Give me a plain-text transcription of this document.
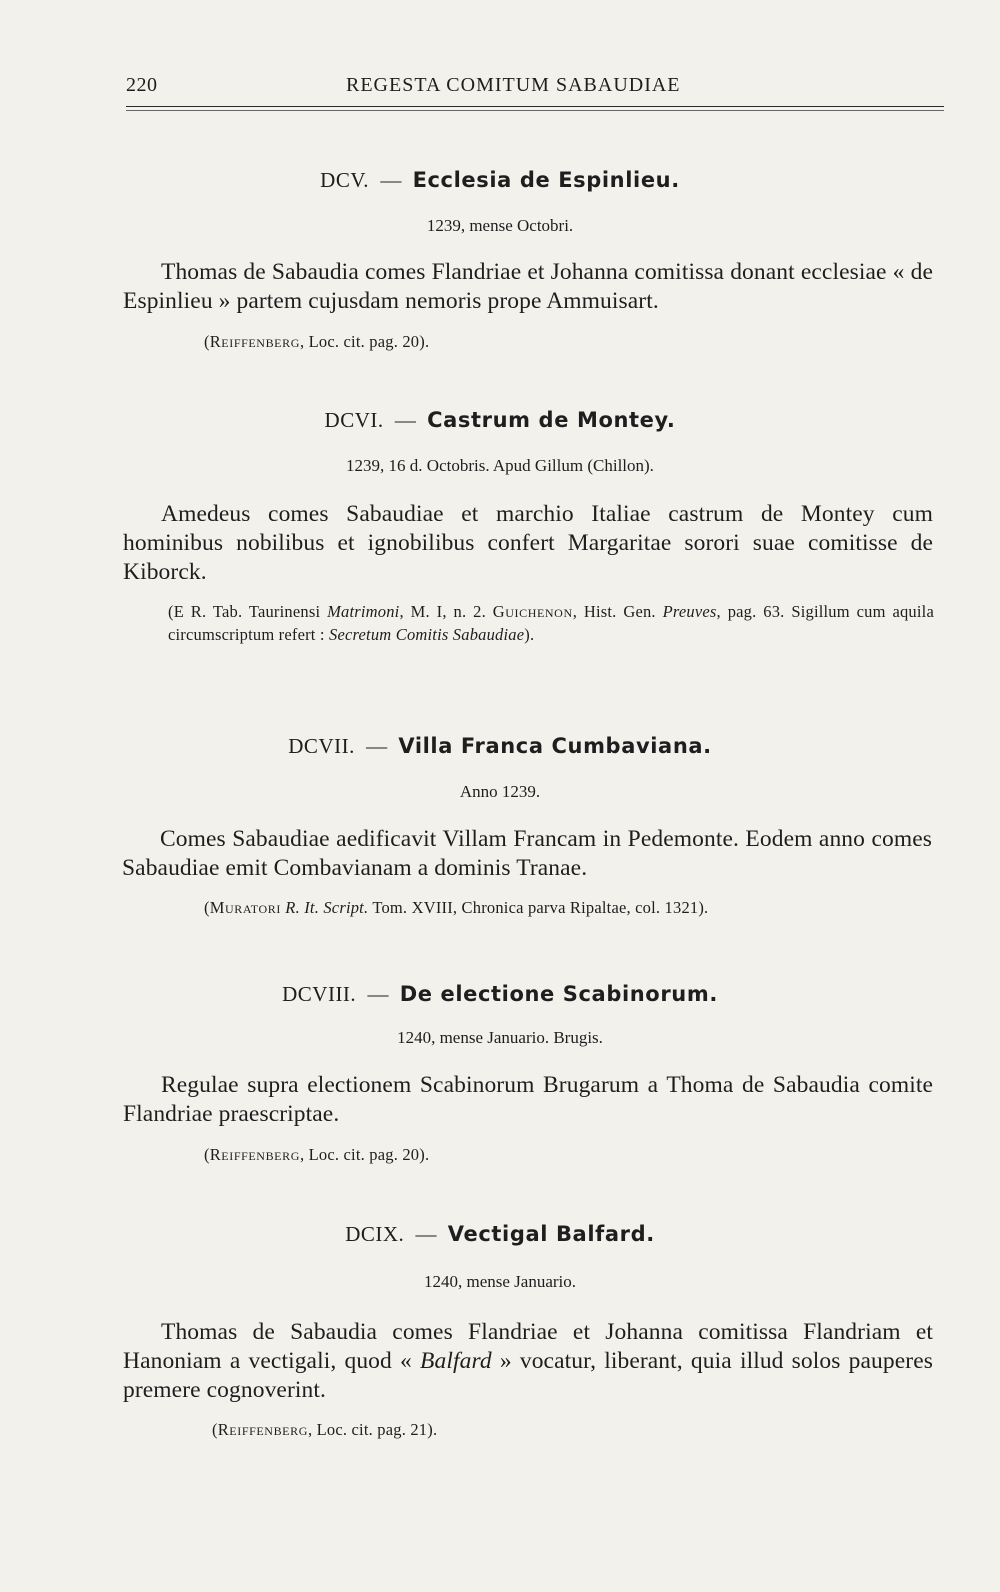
220	REGESTA COMITUM SABAUDIAE
DCV. — Ecclesia de Espinlieu.
1239, mense Octobri.
Thomas de Sabaudia comes Flandriae et Johanna comitissa donant ecclesiae « de Espinlieu » partem cujusdam nemoris prope Ammuisart.
(Reiffenberg, Loc. cit. pag. 20).
DCVI. — Castrum de Montey.
1239, 16 d. Octobris. Apud Gillum (Chillon).
Amedeus comes Sabaudiae et marchio Italiae castrum de Montey cum hominibus nobilibus et ignobilibus confert Margaritae sorori suae comitisse de Kiborck.
(E R. Tab. Taurinensi Matrimoni, M. I, n. 2. Guichenon, Hist. Gen. Preuves, pag. 63. Sigillum cum aquila circumscriptum refert : Secretum Comitis Sabaudiae).
DCVII. — Villa Franca Cumbaviana.
Anno 1239.
Comes Sabaudiae aedificavit Villam Francam in Pedemonte. Eodem anno comes Sabaudiae emit Combavianam a dominis Tranae.
(Muratori R. It. Script. Tom. XVIII, Chronica parva Ripaltae, col. 1321).
DCVIII. — De electione Scabinorum.
1240, mense Januario. Brugis.
Regulae supra electionem Scabinorum Brugarum a Thoma de Sabaudia comite Flandriae praescriptae.
(Reiffenberg, Loc. cit. pag. 20).
DCIX. — Vectigal Balfard.
1240, mense Januario.
Thomas de Sabaudia comes Flandriae et Johanna comitissa Flandriam et Hanoniam a vectigali, quod « Balfard » vocatur, liberant, quia illud solos pauperes premere cognoverint.
(Reiffenberg, Loc. cit. pag. 21).
